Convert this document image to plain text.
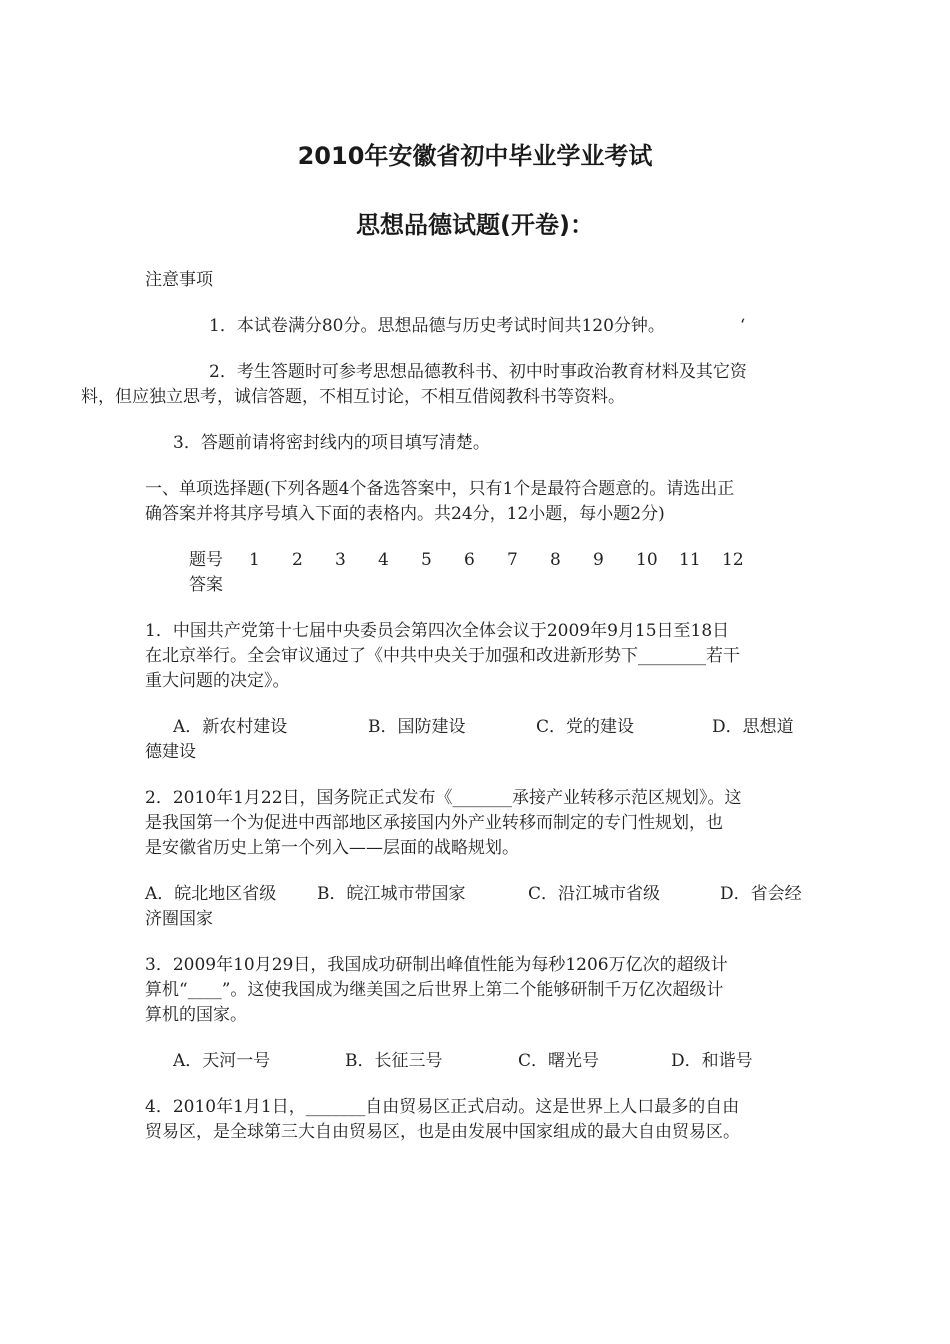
2010年安徽省初中毕业学业考试
思想品德试题(开卷)：

注意事项

1．本试卷满分80分。思想品德与历史考试时间共120分钟。	‘

2．考生答题时可参考思想品德教科书、初中时事政治教育材料及其它资
料，但应独立思考，诚信答题，不相互讨论，不相互借阅教科书等资料。

3．答题前请将密封线内的项目填写清楚。

一、单项选择题(下列各题4个备选答案中，只有1个是最符合题意的。请选出正
确答案并将其序号填入下面的表格内。共24分，12小题，每小题2分)

题号	1	2	3	4	5	6	7	8	9	10	11	12
答案

1．中国共产党第十七届中央委员会第四次全体会议于2009年9月15日至18日
在北京举行。全会审议通过了《中共中央关于加强和改进新形势下________若干
重大问题的决定》。

A．新农村建设	B．国防建设	C．党的建设	D．思想道
德建设

2．2010年1月22日，国务院正式发布《_______承接产业转移示范区规划》。这
是我国第一个为促进中西部地区承接国内外产业转移而制定的专门性规划，也
是安徽省历史上第一个列入——层面的战略规划。

A．皖北地区省级	B．皖江城市带国家	C．沿江城市省级	D．省会经
济圈国家

3．2009年10月29日，我国成功研制出峰值性能为每秒1206万亿次的超级计
算机“____”。这使我国成为继美国之后世界上第二个能够研制千万亿次超级计
算机的国家。

A．天河一号	B．长征三号	C．曙光号	D．和谐号

4．2010年1月1日，_______自由贸易区正式启动。这是世界上人口最多的自由
贸易区，是全球第三大自由贸易区，也是由发展中国家组成的最大自由贸易区。
